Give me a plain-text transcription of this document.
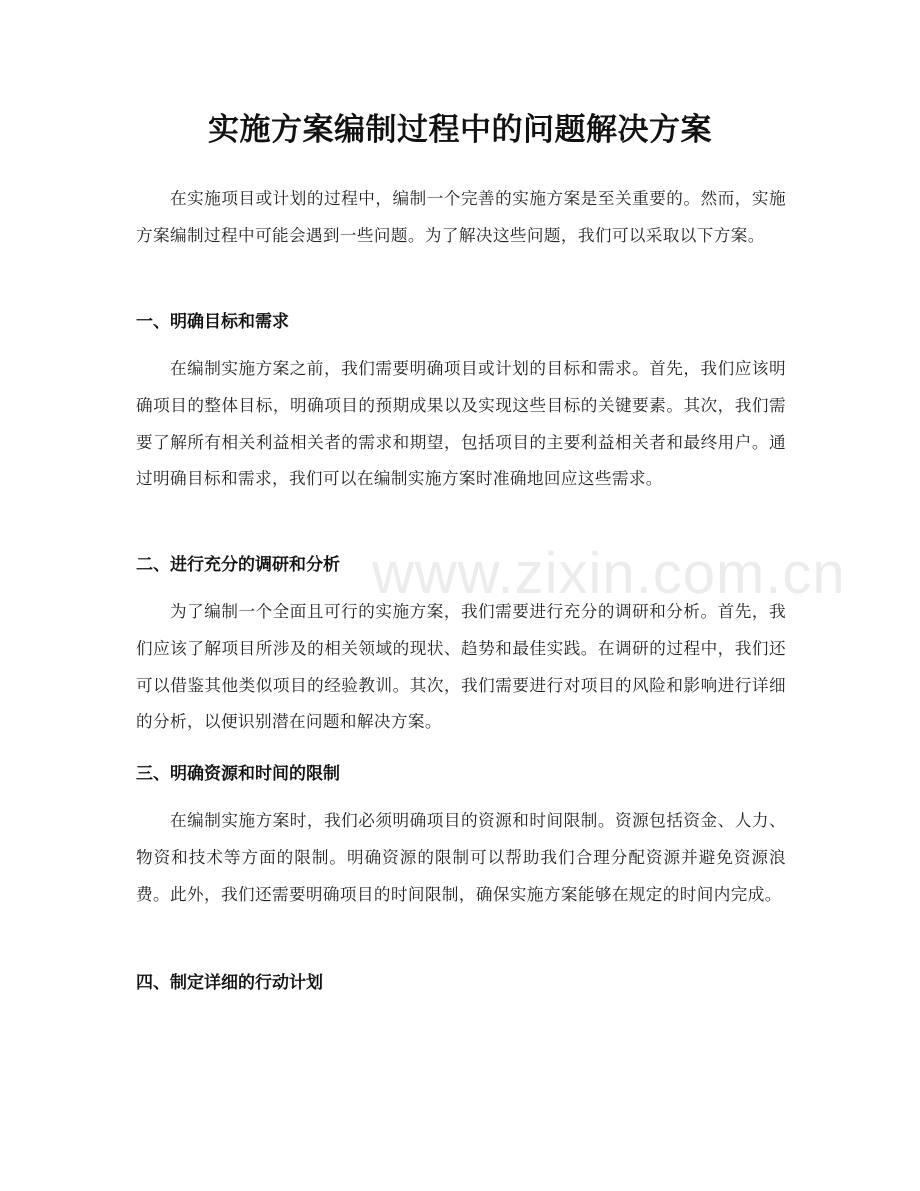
实施方案编制过程中的问题解决方案

在实施项目或计划的过程中，编制一个完善的实施方案是至关重要的。然而，实施方案编制过程中可能会遇到一些问题。为了解决这些问题，我们可以采取以下方案。

一、明确目标和需求

在编制实施方案之前，我们需要明确项目或计划的目标和需求。首先，我们应该明确项目的整体目标，明确项目的预期成果以及实现这些目标的关键要素。其次，我们需要了解所有相关利益相关者的需求和期望，包括项目的主要利益相关者和最终用户。通过明确目标和需求，我们可以在编制实施方案时准确地回应这些需求。

二、进行充分的调研和分析

为了编制一个全面且可行的实施方案，我们需要进行充分的调研和分析。首先，我们应该了解项目所涉及的相关领域的现状、趋势和最佳实践。在调研的过程中，我们还可以借鉴其他类似项目的经验教训。其次，我们需要进行对项目的风险和影响进行详细的分析，以便识别潜在问题和解决方案。

三、明确资源和时间的限制

在编制实施方案时，我们必须明确项目的资源和时间限制。资源包括资金、人力、物资和技术等方面的限制。明确资源的限制可以帮助我们合理分配资源并避免资源浪费。此外，我们还需要明确项目的时间限制，确保实施方案能够在规定的时间内完成。

四、制定详细的行动计划
www.zixin.com.cn
